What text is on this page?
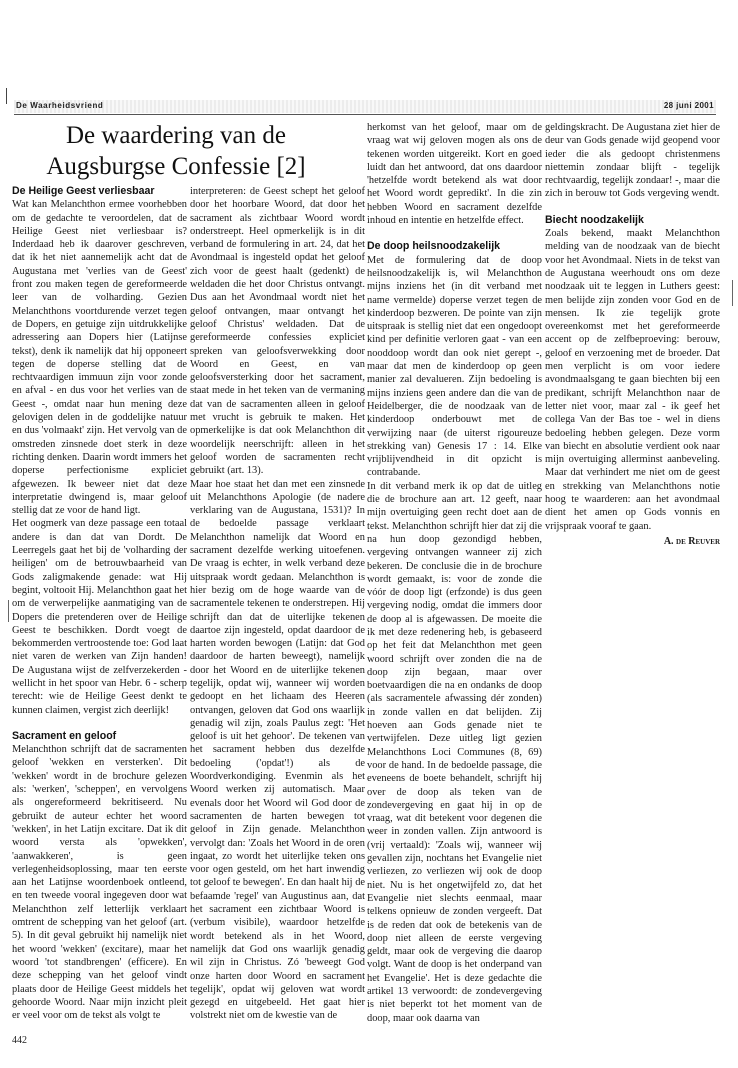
De Waarheidsvriend	28 juni 2001
De waardering van de Augsburgse Confessie [2]
De Heilige Geest verliesbaar

Wat kan Melanchthon ermee voorhebben om de gedachte te veroordelen, dat de Heilige Geest niet verliesbaar is? Inderdaad heb ik daarover geschreven, dat ik het niet aannemelijk acht dat de Augustana met 'verlies van de Geest' front zou maken tegen de gereformeerde leer van de volharding. Gezien Melanchthons voortdurende verzet tegen de Dopers, en getuige zijn uitdrukkelijke adressering aan Dopers hier (Latijnse tekst), denk ik namelijk dat hij opponeert tegen de doperse stelling dat de rechtvaardigen immuun zijn voor zonde en afval - en dus voor het verlies van de Geest -, omdat naar hun mening deze gelovigen delen in de goddelijke natuur en dus 'volmaakt' zijn. Het vervolg van de omstreden zinsnede doet sterk in deze richting denken. Daarin wordt immers het doperse perfectionisme expliciet afgewezen. Ik beweer niet dat deze interpretatie dwingend is, maar geloof stellig dat ze voor de hand ligt.

Het oogmerk van deze passage een totaal andere is dan dat van Dordt. De Leerregels gaat het bij de 'volharding der heiligen' om de betrouwbaarheid van Gods zaligmakende genade: wat Hij begint, voltooit Hij. Melanchthon gaat het om de verwerpelijke aanmatiging van de Dopers die pretenderen over de Heilige Geest te beschikken. Dordt voegt de bekommerden vertroostende toe: God laat niet varen de werken van Zijn handen! De Augustana wijst de zelfverzekerden - wellicht in het spoor van Hebr. 6 - scherp terecht: wie de Heilige Geest denkt te kunnen claimen, vergist zich deerlijk!

Sacrament en geloof

Melanchthon schrijft dat de sacramenten geloof 'wekken en versterken'. Dit 'wekken' wordt in de brochure gelezen als: 'werken', 'scheppen', en vervolgens als ongereformeerd bekritiseerd. Nu gebruikt de auteur echter het woord 'wekken', in het Latijn excitare. Dat ik dit woord versta als 'opwekken', 'aanwakkeren', is geen verlegenheidsoplossing, maar ten eerste aan het Latijnse woordenboek ontleend, en ten tweede vooral ingegeven door wat Melanchthon zelf letterlijk verklaart omtrent de schepping van het geloof (art. 5). In dit geval gebruikt hij namelijk niet het woord 'wekken' (excitare), maar het woord 'tot standbrengen' (efficere). En deze schepping van het geloof vindt plaats door de Heilige Geest middels het gehoorde Woord. Naar mijn inzicht pleit er veel voor om de tekst als volgt te

interpreteren: de Geest schept het geloof door het hoorbare Woord, dat door het sacrament als zichtbaar Woord wordt onderstreept. Heel opmerkelijk is in dit verband de formulering in art. 24, dat het Avondmaal is ingesteld opdat het geloof zich voor de geest haalt (gedenkt) de weldaden die het door Christus ontvangt. Dus aan het Avondmaal wordt niet het geloof ontvangen, maar ontvangt het geloof Christus' weldaden. Dat de gereformeerde confessies expliciet spreken van geloofsverwekking door Woord en Geest, en van geloofsversterking door het sacrament, staat mede in het teken van de vermaning dat van de sacramenten alleen in geloof met vrucht is gebruik te maken. Het opmerkelijke is dat ook Melanchthon dit woordelijk neerschrijft: alleen in het geloof worden de sacramenten recht gebruikt (art. 13).

Maar hoe staat het dan met een zinsnede uit Melanchthons Apologie (de nadere verklaring van de Augustana, 1531)? In de bedoelde passage verklaart Melanchthon namelijk dat Woord en sacrament dezelfde werking uitoefenen. De vraag is echter, in welk verband deze uitspraak wordt gedaan. Melanchthon is hier bezig om de hoge waarde van de sacramentele tekenen te onderstrepen. Hij schrijft dan dat de uiterlijke tekenen daartoe zijn ingesteld, opdat daardoor de harten worden bewogen (Latijn: dat God daardoor de harten beweegt), namelijk door het Woord en de uiterlijke tekenen tegelijk, opdat wij, wanneer wij worden gedoopt en het lichaam des Heeren ontvangen, geloven dat God ons waarlijk genadig wil zijn, zoals Paulus zegt: 'Het geloof is uit het gehoor'. De tekenen van het sacrament hebben dus dezelfde bedoeling ('opdat'!) als de Woordverkondiging. Evenmin als het Woord werken zij automatisch. Maar evenals door het Woord wil God door de sacramenten de harten bewegen tot geloof in Zijn genade. Melanchthon vervolgt dan: 'Zoals het Woord in de oren ingaat, zo wordt het uiterlijke teken ons voor ogen gesteld, om het hart inwendig tot geloof te bewegen'. En dan haalt hij de befaamde 'regel' van Augustinus aan, dat het sacrament een zichtbaar Woord is (verbum visibile), waardoor hetzelfde wordt betekend als in het Woord, namelijk dat God ons waarlijk genadig wil zijn in Christus. Zó 'beweegt God onze harten door Woord en sacrament tegelijk', opdat wij geloven wat wordt gezegd en uitgebeeld. Het gaat hier volstrekt niet om de kwestie van de

herkomst van het geloof, maar om de vraag wat wij geloven mogen als ons de tekenen worden uitgereikt. Kort en goed luidt dan het antwoord, dat ons daardoor 'hetzelfde wordt betekend als wat door het Woord wordt gepredikt'. In die zin hebben Woord en sacrament dezelfde inhoud en intentie en hetzelfde effect.

De doop heilsnoodzakelijk

Met de formulering dat de doop heilsnoodzakelijk is, wil Melanchthon mijns inziens het (in dit verband met name vermelde) doperse verzet tegen de kinderdoop bezweren. De pointe van zijn uitspraak is stellig niet dat een ongedoopt kind per definitie verloren gaat - van een nooddoop wordt dan ook niet gerept -, maar dat men de kinderdoop op geen manier zal devalueren. Zijn bedoeling is mijns inziens geen andere dan die van de Heidelberger, die de noodzaak van de kinderdoop onderbouwt met de verwijzing naar (de uiterst rigoureuze strekking van) Genesis 17 : 14. Elke vrijblijvendheid in dit opzicht is contrabande.

In dit verband merk ik op dat de uitleg die de brochure aan art. 12 geeft, naar mijn overtuiging geen recht doet aan de tekst. Melanchthon schrijft hier dat zij die na hun doop gezondigd hebben, vergeving ontvangen wanneer zij zich bekeren. De conclusie die in de brochure wordt gemaakt, is: voor de zonde die vóór de doop ligt (erfzonde) is dus geen vergeving nodig, omdat die immers door de doop al is afgewassen. De moeite die ik met deze redenering heb, is gebaseerd op het feit dat Melanchthon met geen woord schrijft over zonden die na de doop zijn begaan, maar over boetvaardigen die na en ondanks de doop (als sacramentele afwassing dér zonden) in zonde vallen en dat belijden. Zij hoeven aan Gods genade niet te vertwijfelen. Deze uitleg ligt gezien Melanchthons Loci Communes (8, 69) voor de hand. In de bedoelde passage, die eveneens de boete behandelt, schrijft hij over de doop als teken van de zondevergeving en gaat hij in op de vraag, wat dit betekent voor degenen die weer in zonden vallen. Zijn antwoord is (vrij vertaald): 'Zoals wij, wanneer wij gevallen zijn, nochtans het Evangelie niet verliezen, zo verliezen wij ook de doop niet. Nu is het ongetwijfeld zo, dat het Evangelie niet slechts eenmaal, maar telkens opnieuw de zonden vergeeft. Dat is de reden dat ook de betekenis van de doop niet alleen de eerste vergeving geldt, maar ook de vergeving die daarop volgt. Want de doop is het onderpand van het Evangelie'. Het is deze gedachte die artikel 13 verwoordt: de zondevergeving is niet beperkt tot het moment van de doop, maar ook daarna van

geldingskracht. De Augustana ziet hier de deur van Gods genade wijd geopend voor ieder die als gedoopt christenmens niettemin zondaar blijft - tegelijk rechtvaardig, tegelijk zondaar! -, maar die zich in berouw tot Gods vergeving wendt.

Biecht noodzakelijk

Zoals bekend, maakt Melanchthon melding van de noodzaak van de biecht voor het Avondmaal. Niets in de tekst van de Augustana weerhoudt ons om deze noodzaak uit te leggen in Luthers geest: men belijde zijn zonden voor God en de mensen. Ik zie tegelijk grote overeenkomst met het gereformeerde accent op de zelfbeproeving: berouw, geloof en verzoening met de broeder. Dat men verplicht is om voor iedere avondmaalsgang te gaan biechten bij een predikant, schrijft Melanchthon naar de letter niet voor, maar zal - ik geef het collega Van der Bas toe - wel in diens bedoeling hebben gelegen. Deze vorm van biecht en absolutie verdient ook naar mijn overtuiging allerminst aanbeveling. Maar dat verhindert me niet om de geest en strekking van Melanchthons notie hoog te waarderen: aan het avondmaal dient het amen op Gods vonnis en vrijspraak vooraf te gaan.

A. de Reuver
442
